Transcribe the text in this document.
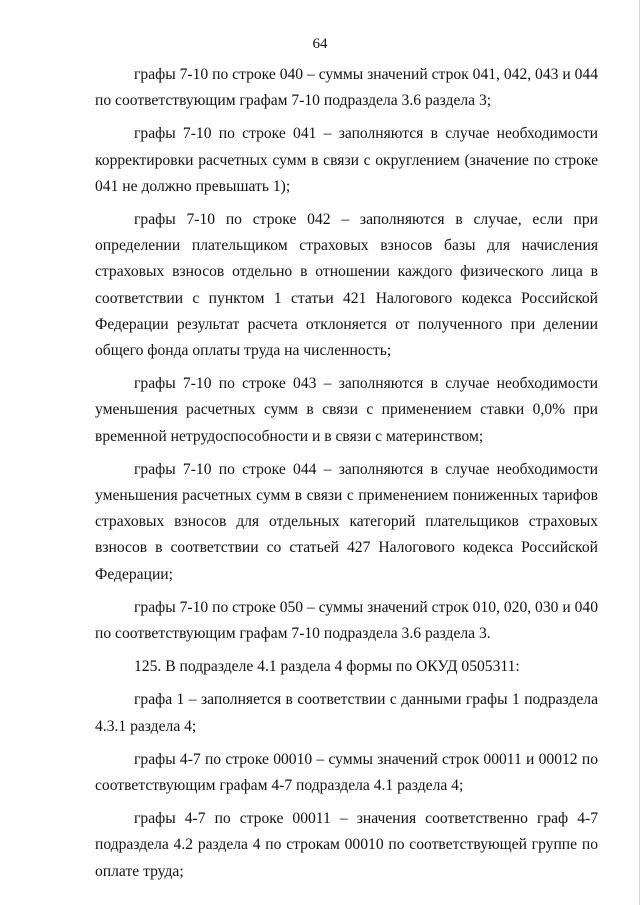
64

графы 7-10 по строке 040 – суммы значений строк 041, 042, 043 и 044 по соответствующим графам 7-10 подраздела 3.6 раздела 3;

графы 7-10 по строке 041 – заполняются в случае необходимости корректировки расчетных сумм в связи с округлением (значение по строке 041 не должно превышать 1);

графы 7-10 по строке 042 – заполняются в случае, если при определении плательщиком страховых взносов базы для начисления страховых взносов отдельно в отношении каждого физического лица в соответствии с пунктом 1 статьи 421 Налогового кодекса Российской Федерации результат расчета отклоняется от полученного при делении общего фонда оплаты труда на численность;

графы 7-10 по строке 043 – заполняются в случае необходимости уменьшения расчетных сумм в связи с применением ставки 0,0% при временной нетрудоспособности и в связи с материнством;

графы 7-10 по строке 044 – заполняются в случае необходимости уменьшения расчетных сумм в связи с применением пониженных тарифов страховых взносов для отдельных категорий плательщиков страховых взносов в соответствии со статьей 427 Налогового кодекса Российской Федерации;

графы 7-10 по строке 050 – суммы значений строк 010, 020, 030 и 040 по соответствующим графам 7-10 подраздела 3.6 раздела 3.

125. В подразделе 4.1 раздела 4 формы по ОКУД 0505311:

графа 1 – заполняется в соответствии с данными графы 1 подраздела 4.3.1 раздела 4;

графы 4-7 по строке 00010 – суммы значений строк 00011 и 00012 по соответствующим графам 4-7 подраздела 4.1 раздела 4;

графы 4-7 по строке 00011 – значения соответственно граф 4-7 подраздела 4.2 раздела 4 по строкам 00010 по соответствующей группе по оплате труда;
